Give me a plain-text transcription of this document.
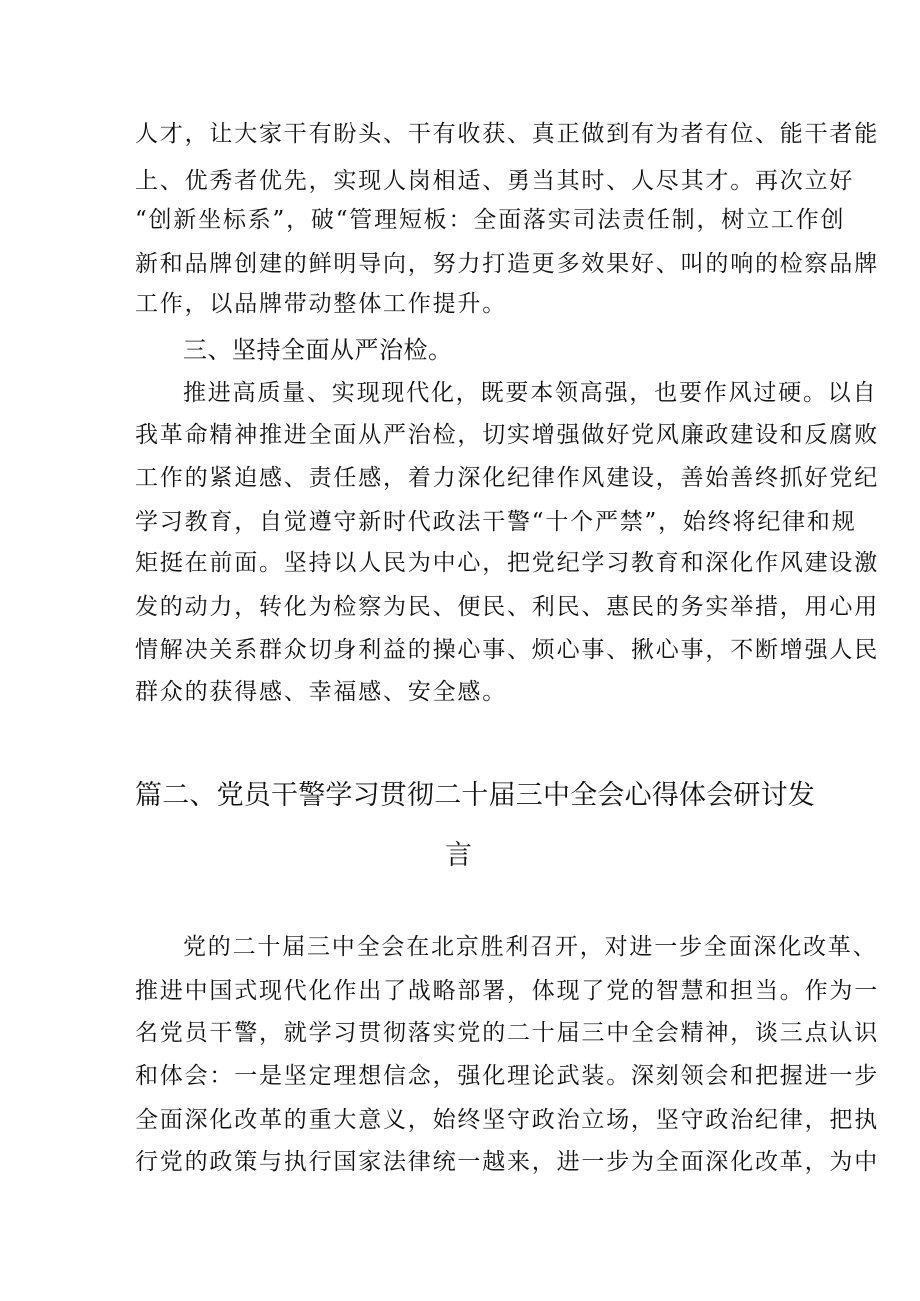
人才，让大家干有盼头、干有收获、真正做到有为者有位、能干者能

上、优秀者优先，实现人岗相适、勇当其时、人尽其才。再次立好

“创新坐标系”，破“管理短板：全面落实司法责任制，树立工作创

新和品牌创建的鲜明导向，努力打造更多效果好、叫的响的检察品牌

工作，以品牌带动整体工作提升。

三、坚持全面从严治检。

推进高质量、实现现代化，既要本领高强，也要作风过硬。以自

我革命精神推进全面从严治检，切实增强做好党风廉政建设和反腐败

工作的紧迫感、责任感，着力深化纪律作风建设，善始善终抓好党纪

学习教育，自觉遵守新时代政法干警“十个严禁”，始终将纪律和规

矩挺在前面。坚持以人民为中心，把党纪学习教育和深化作风建设激

发的动力，转化为检察为民、便民、利民、惠民的务实举措，用心用

情解决关系群众切身利益的操心事、烦心事、揪心事，不断增强人民

群众的获得感、幸福感、安全感。

篇二、党员干警学习贯彻二十届三中全会心得体会研讨发
言

党的二十届三中全会在北京胜利召开，对进一步全面深化改革、

推进中国式现代化作出了战略部署，体现了党的智慧和担当。作为一

名党员干警，就学习贯彻落实党的二十届三中全会精神，谈三点认识

和体会：一是坚定理想信念，强化理论武装。深刻领会和把握进一步

全面深化改革的重大意义，始终坚守政治立场，坚守政治纪律，把执

行党的政策与执行国家法律统一越来，进一步为全面深化改革，为中
